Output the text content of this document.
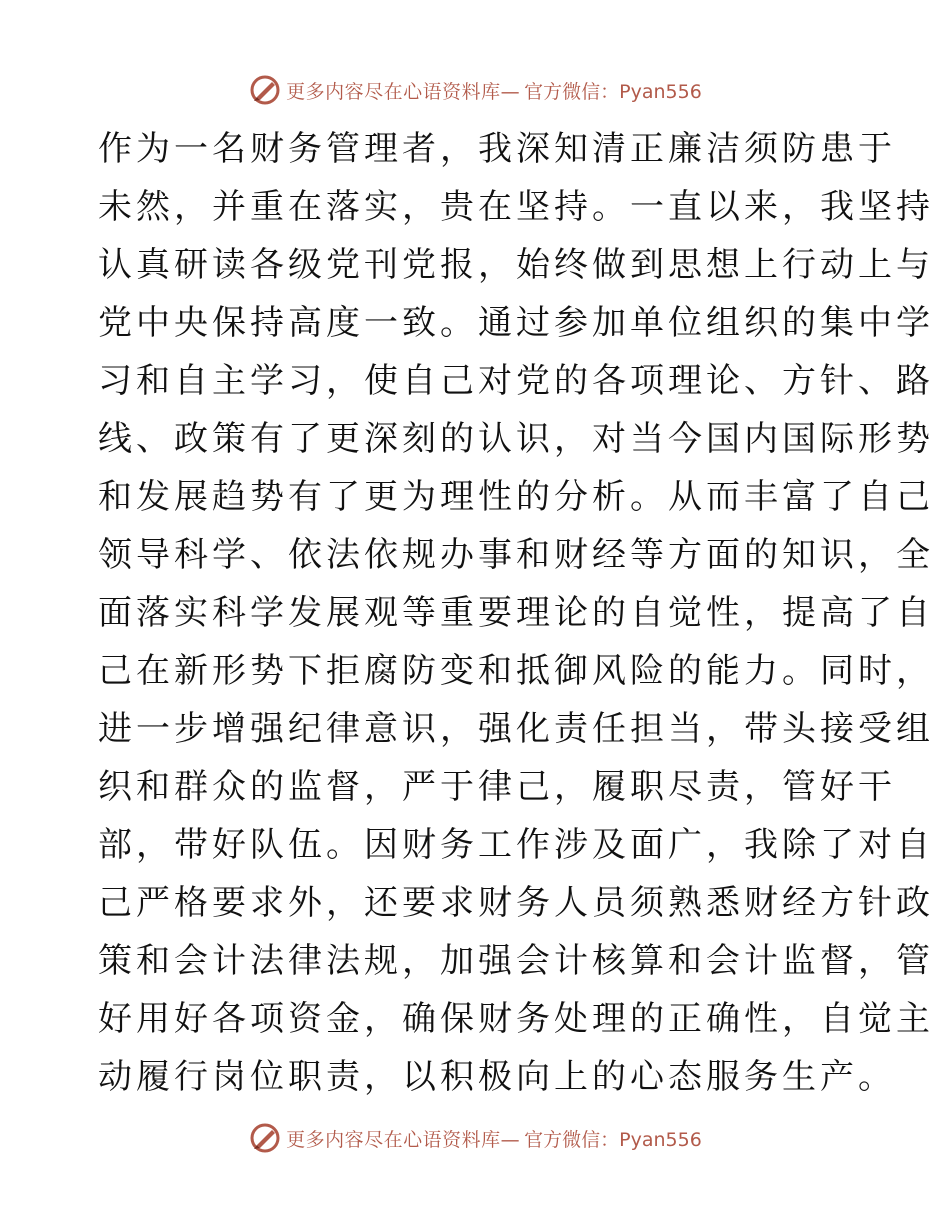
更多内容尽在心语资料库— 官方微信：Pyan556
作为一名财务管理者，我深知清正廉洁须防患于
未然，并重在落实，贵在坚持。一直以来，我坚持
认真研读各级党刊党报，始终做到思想上行动上与
党中央保持高度一致。通过参加单位组织的集中学
习和自主学习，使自己对党的各项理论、方针、路
线、政策有了更深刻的认识，对当今国内国际形势
和发展趋势有了更为理性的分析。从而丰富了自己
领导科学、依法依规办事和财经等方面的知识，全
面落实科学发展观等重要理论的自觉性，提高了自
己在新形势下拒腐防变和抵御风险的能力。同时，
进一步增强纪律意识，强化责任担当，带头接受组
织和群众的监督，严于律己，履职尽责，管好干
部，带好队伍。因财务工作涉及面广，我除了对自
己严格要求外，还要求财务人员须熟悉财经方针政
策和会计法律法规，加强会计核算和会计监督，管
好用好各项资金，确保财务处理的正确性，自觉主
动履行岗位职责，以积极向上的心态服务生产。
更多内容尽在心语资料库— 官方微信：Pyan556
